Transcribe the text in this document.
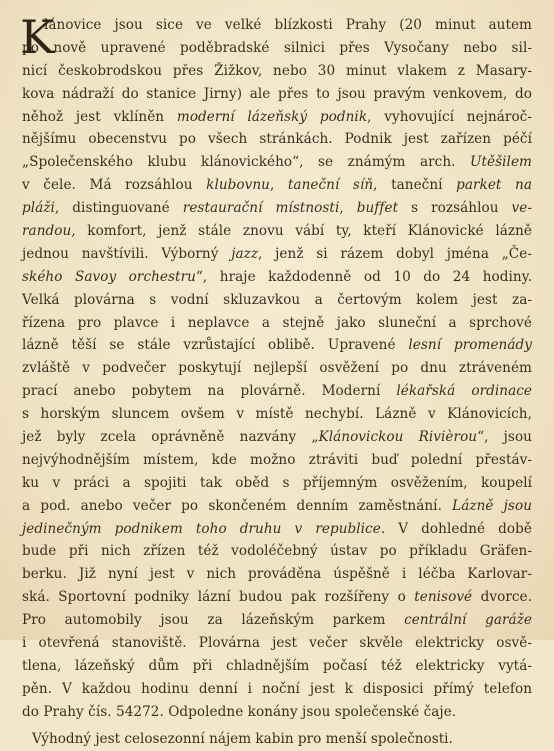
K
lánovice jsou sice ve velké blízkosti Prahy (20 minut autem
po nově upravené poděbradské silnici přes Vysočany nebo sil-
nicí českobrodskou přes Žižkov, nebo 30 minut vlakem z Masary-
kova nádraží do stanice Jirny) ale přes to jsou pravým venkovem, do
něhož jest vklíněn moderní lázeňský podnik, vyhovující nejnároč-
nějšímu obecenstvu po všech stránkách. Podnik jest zařízen péčí
„Společenského klubu klánovického“, se známým arch. Utěšilem
v čele. Má rozsáhlou klubovnu, taneční síň, taneční parket na
pláži, distinguované restaurační místnosti, buffet s rozsáhlou ve-
randou, komfort, jenž stále znovu vábí ty, kteří Klánovické lázně
jednou navštívili. Výborný jazz, jenž si rázem dobyl jména „Če-
ského Savoy orchestru“, hraje každodenně od 10 do 24 hodiny.
Velká plovárna s vodní skluzavkou a čertovým kolem jest za-
řízena pro plavce i neplavce a stejně jako sluneční a sprchové
lázně těší se stále vzrůstající oblibě. Upravené lesní promenády
zvláště v podvečer poskytují nejlepší osvěžení po dnu ztráveném
prací anebo pobytem na plovárně. Moderní lékařská ordinace
s horským sluncem ovšem v místě nechybí. Lázně v Klánovicích,
jež byly zcela oprávněně nazvány „Klánovickou Rivièrou“, jsou
nejvýhodnějším místem, kde možno ztráviti buď polední přestáv-
ku v práci a spojiti tak oběd s příjemným osvěžením, koupelí
a pod. anebo večer po skončeném denním zaměstnání. Lázně jsou
jedinečným podnikem toho druhu v republice. V dohledné době
bude při nich zřízen též vodoléčebný ústav po příkladu Gräfen-
berku. Již nyní jest v nich prováděna úspěšně i léčba Karlovar-
ská. Sportovní podniky lázní budou pak rozšířeny o tenisové dvorce.
Pro automobily jsou za lázeňským parkem centrální garáže
i otevřená stanoviště. Plovárna jest večer skvěle elektricky osvě-
tlena, lázeňský dům při chladnějším počasí též elektricky vytá-
pěn. V každou hodinu denní i noční jest k disposici přímý telefon
do Prahy čís. 54272. Odpoledne konány jsou společenské čaje.
Výhodný jest celosezonní nájem kabin pro menší společnosti.
